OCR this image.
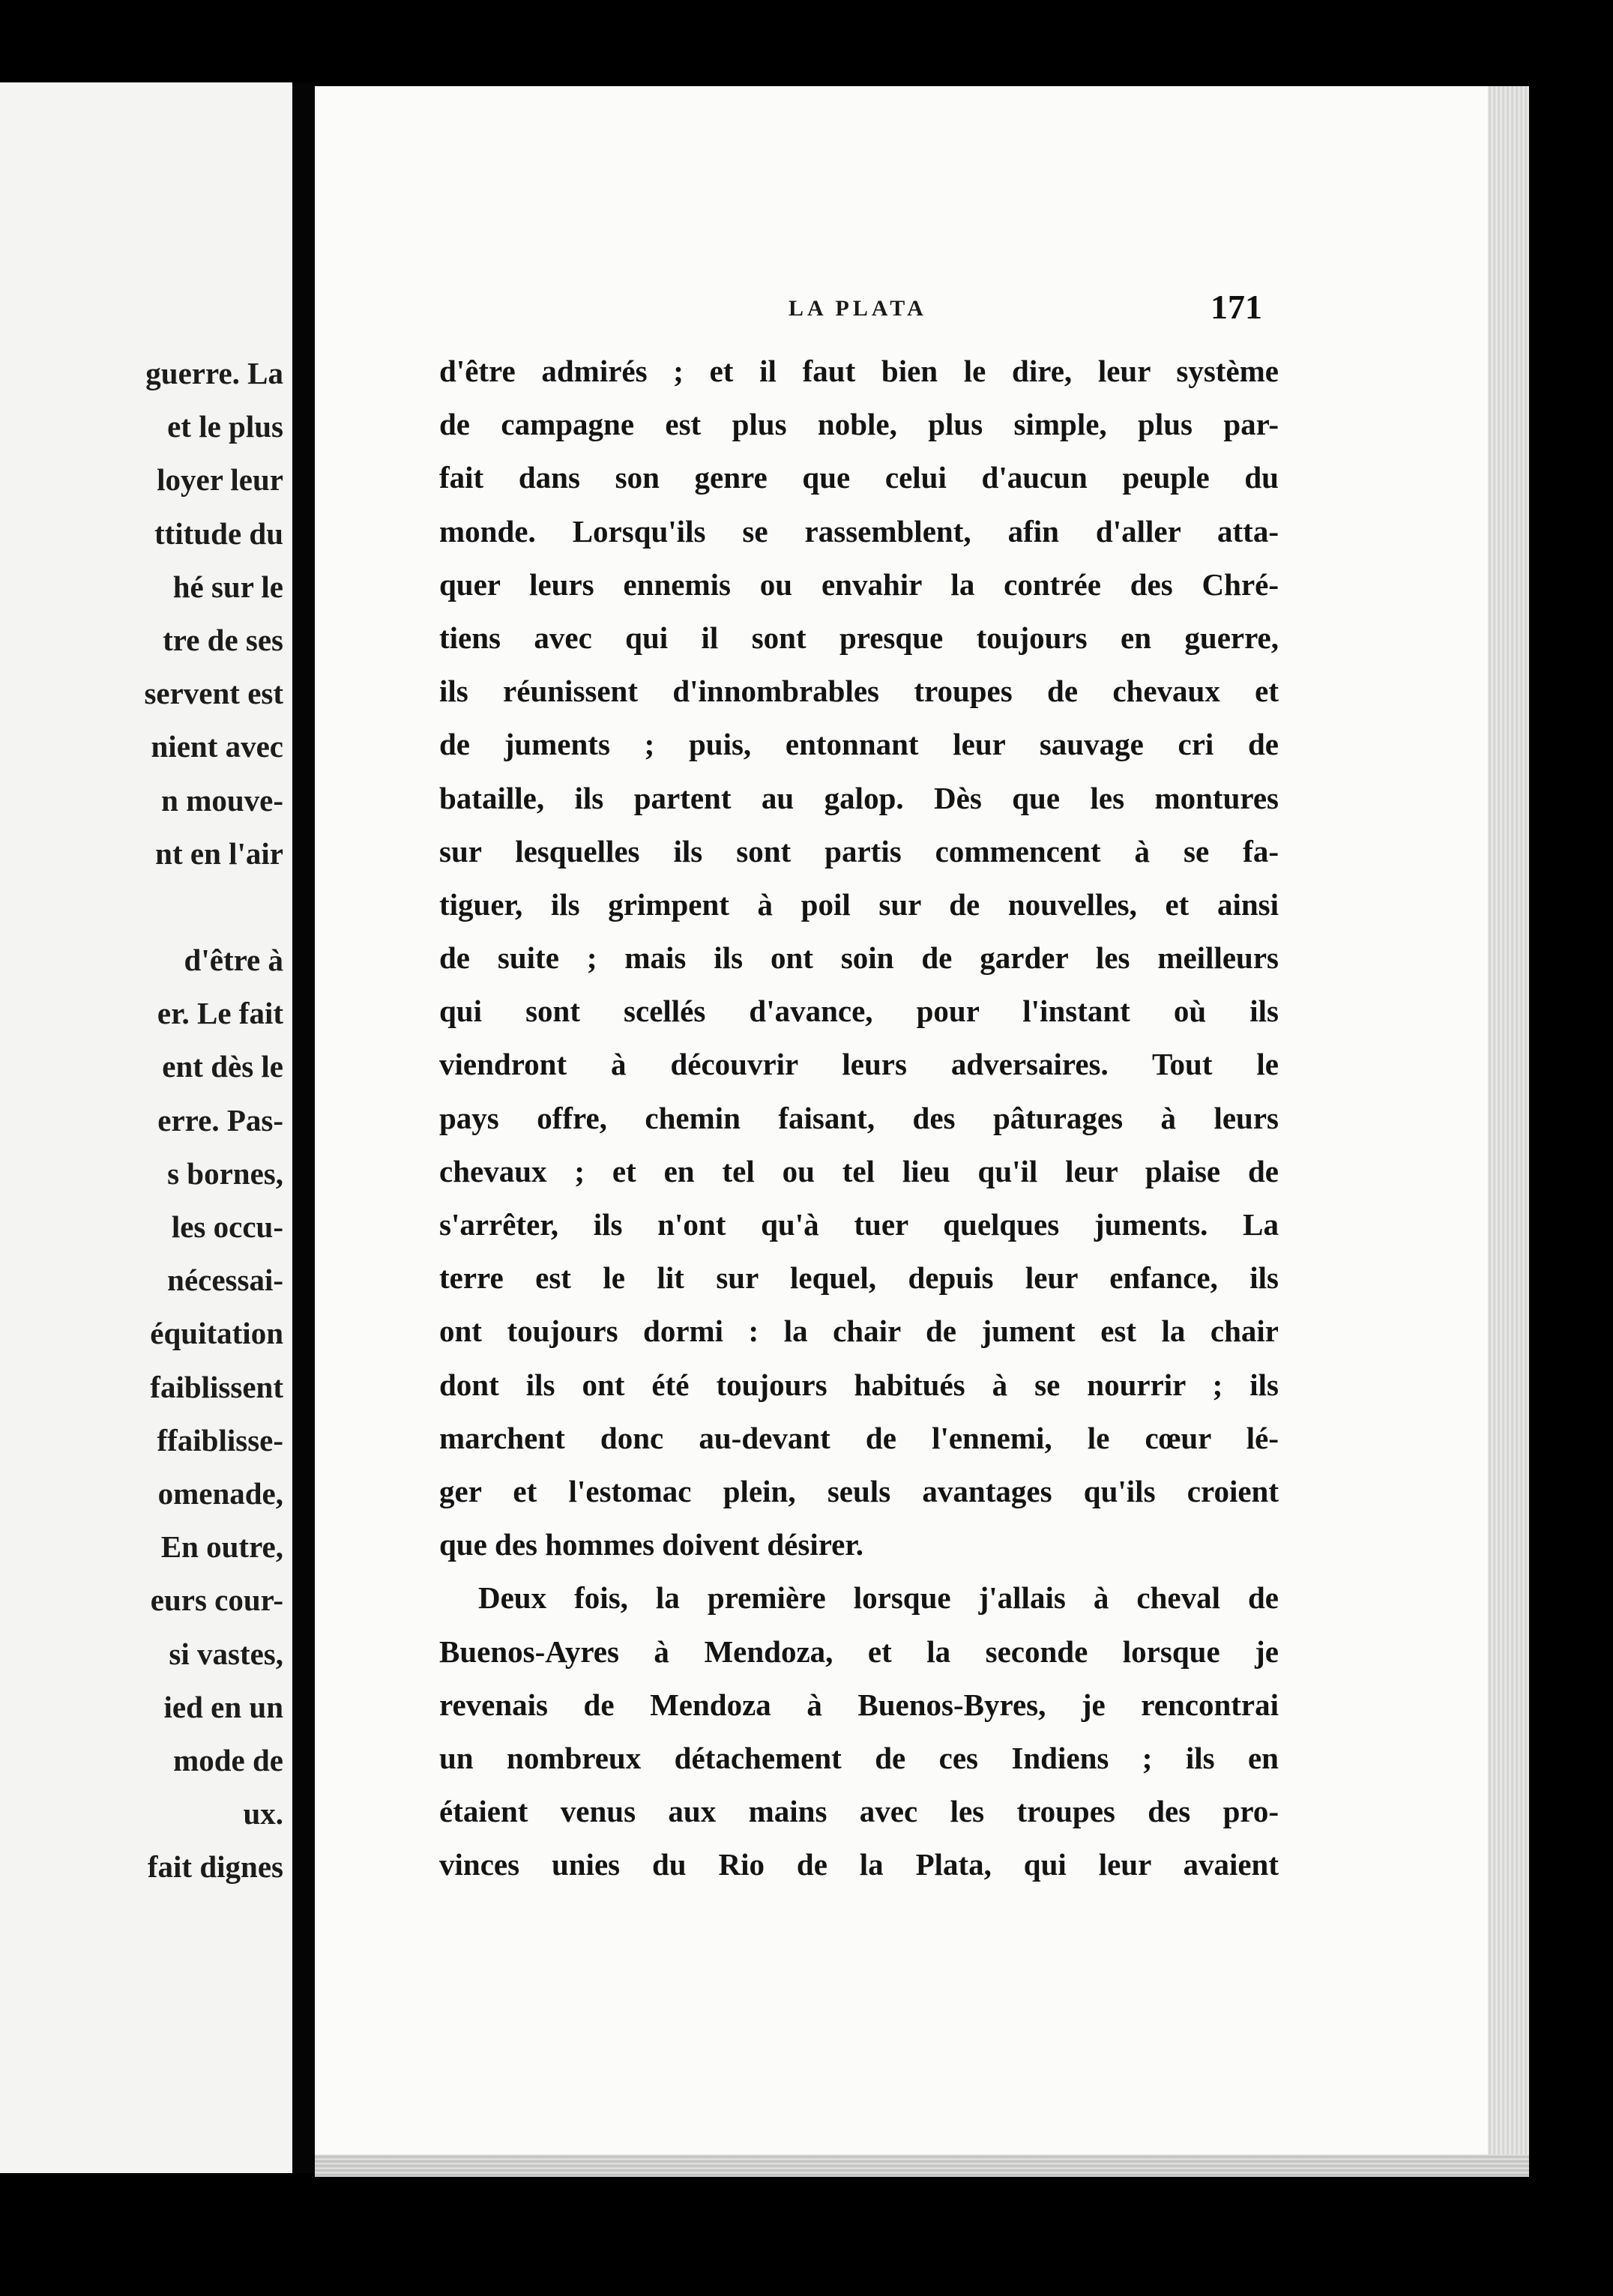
guerre. La
et le plus
loyer leur
ttitude du
hé sur le
tre de ses
servent est
nient avec
n mouve-
nt en l'air
d'être à
er. Le fait
ent dès le
erre. Pas-
s bornes,
les occu-
nécessai-
équitation
faiblissent
ffaiblisse-
omenade,
En outre,
eurs cour-
si vastes,
ied en un
mode de
ux.
fait dignes
LA PLATA	171
d'être admirés ; et il faut bien le dire, leur système
de campagne est plus noble, plus simple, plus par-
fait dans son genre que celui d'aucun peuple du
monde. Lorsqu'ils se rassemblent, afin d'aller atta-
quer leurs ennemis ou envahir la contrée des Chré-
tiens avec qui il sont presque toujours en guerre,
ils réunissent d'innombrables troupes de chevaux et
de juments ; puis, entonnant leur sauvage cri de
bataille, ils partent au galop. Dès que les montures
sur lesquelles ils sont partis commencent à se fa-
tiguer, ils grimpent à poil sur de nouvelles, et ainsi
de suite ; mais ils ont soin de garder les meilleurs
qui sont scellés d'avance, pour l'instant où ils
viendront à découvrir leurs adversaires. Tout le
pays offre, chemin faisant, des pâturages à leurs
chevaux ; et en tel ou tel lieu qu'il leur plaise de
s'arrêter, ils n'ont qu'à tuer quelques juments. La
terre est le lit sur lequel, depuis leur enfance, ils
ont toujours dormi : la chair de jument est la chair
dont ils ont été toujours habitués à se nourrir ; ils
marchent donc au-devant de l'ennemi, le cœur lé-
ger et l'estomac plein, seuls avantages qu'ils croient
que des hommes doivent désirer.
Deux fois, la première lorsque j'allais à cheval de
Buenos-Ayres à Mendoza, et la seconde lorsque je
revenais de Mendoza à Buenos-Byres, je rencontrai
un nombreux détachement de ces Indiens ; ils en
étaient venus aux mains avec les troupes des pro-
vinces unies du Rio de la Plata, qui leur avaient
